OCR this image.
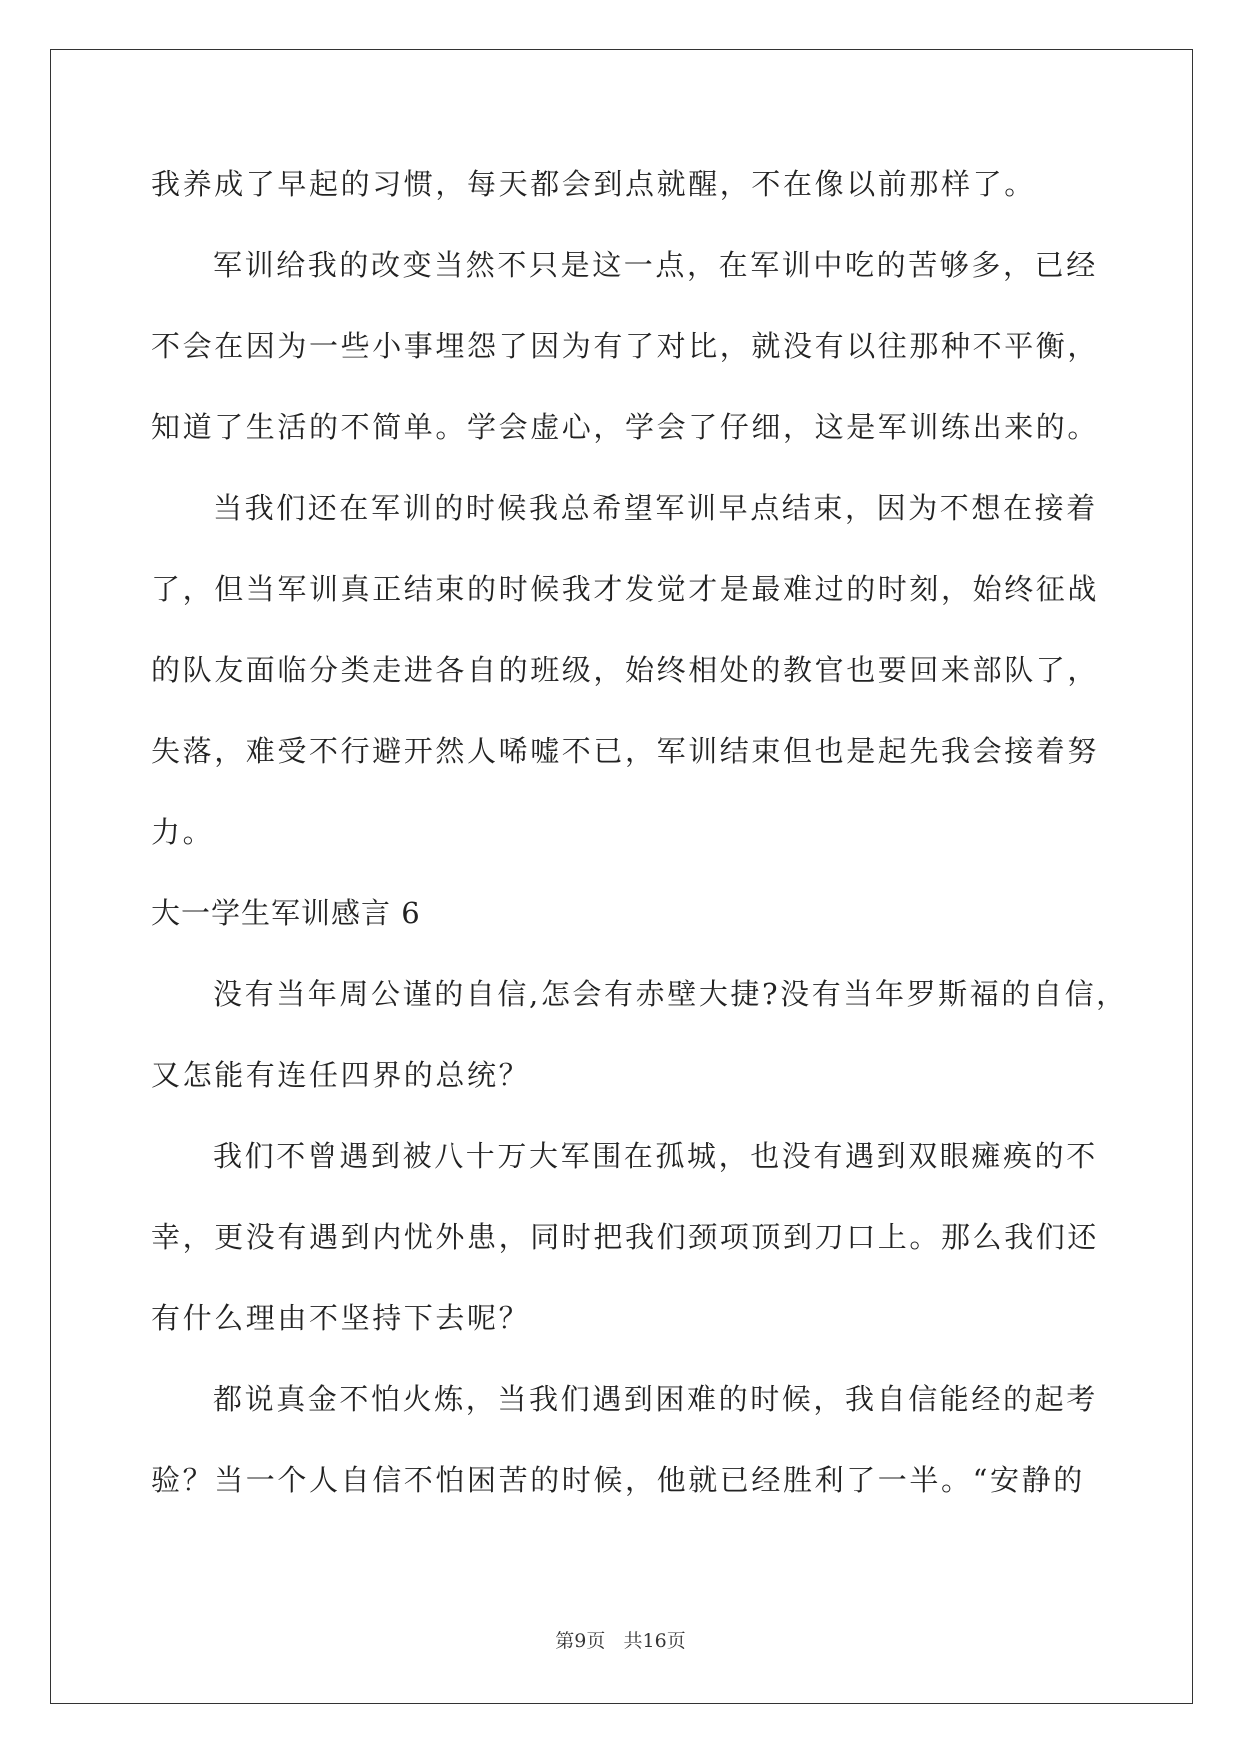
我养成了早起的习惯，每天都会到点就醒，不在像以前那样了。
军训给我的改变当然不只是这一点，在军训中吃的苦够多，已经
不会在因为一些小事埋怨了因为有了对比，就没有以往那种不平衡，
知道了生活的不简单。学会虚心，学会了仔细，这是军训练出来的。
当我们还在军训的时候我总希望军训早点结束，因为不想在接着
了，但当军训真正结束的时候我才发觉才是最难过的时刻，始终征战
的队友面临分类走进各自的班级，始终相处的教官也要回来部队了，
失落，难受不行避开然人唏嘘不已，军训结束但也是起先我会接着努
力。
大一学生军训感言 6
没有当年周公谨的自信,怎会有赤壁大捷?没有当年罗斯福的自信，
又怎能有连任四界的总统？
我们不曾遇到被八十万大军围在孤城，也没有遇到双眼瘫痪的不
幸，更没有遇到内忧外患，同时把我们颈项顶到刀口上。那么我们还
有什么理由不坚持下去呢？
都说真金不怕火炼，当我们遇到困难的时候，我自信能经的起考
验？当一个人自信不怕困苦的时候，他就已经胜利了一半。“安静的
第9页 共16页
